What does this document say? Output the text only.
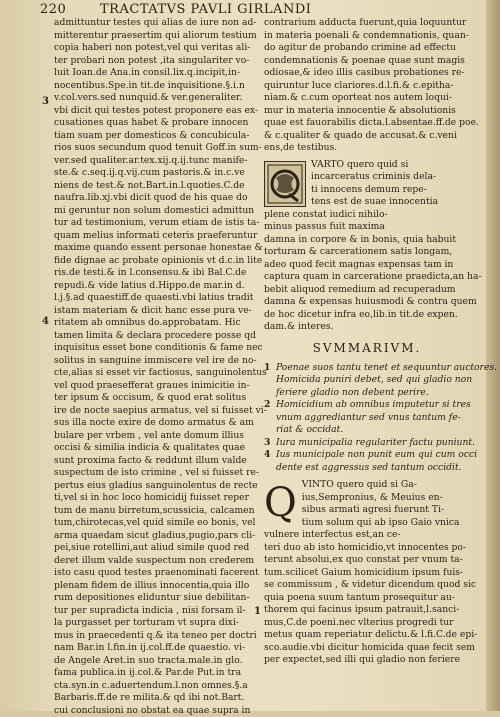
220	TRACTATVS PAVLI GIRLANDI
admittuntur testes qui alias de iure non ad-
mitterentur praesertim qui aliorum testium
copia haberi non potest,vel qui veritas ali-
ter probari non potest ,ita singulariter vo-
luit Ioan.de Ana.in consil.lix.q.incipit,in-
nocentibus.Spe.in tit.de inquisitione.§.i.n
v.col.vers.sed nunquid.& ver.generaliter.
vbi dicit qui testes potest proponere eas ex-
cusationes quas habet & probare innocen
tiam suam per domesticos & concubicula-
rios suos secundum quod tenuit Goff.in sum-
ver.sed qualiter.ar.tex.xij.q.ij.tunc manife-
ste.& c.seq.ij.q.vij.cum pastoris.& in.c.ve
niens de test.& not.Bart.in.l.quoties.C.de
naufra.lib.xj.vbi dicit quod de his quae do
mi geruntur non solum domestici admittun
tur ad testimonium, verum etiam de istis ta-
quam melius informati ceteris praeferuntur
maxime quando essent personae honestae &
fide dignae ac probate opinionis vt d.c.in lite
ris.de testi.& in l.consensu.& ibi Bal.C.de
repudi.& vide latius d.Hippo.de mar.in d.
l.j.§.ad quaestiff.de quaesti.vbi latius tradit
istam materiam & dicit hanc esse pura ve-
ritatem ab omnibus do.approbatam. Hic
tamen limita & declara procedere posse qd
inquisitus esset bone conditionis & fame nec
solitus in sanguine immiscere vel ire de no-
cte,alias si esset vir factiosus, sanguinolentus
vel quod praesefferat graues inimicitie in-
ter ipsum & occisum, & quod erat solitus
ire de nocte saepius armatus, vel si fuisset vi-
sus illa nocte exire de domo armatus & am
bulare per vrbem , vel ante domum illius
occisi & similia indicia & qualitates quae
sunt proxima facto & reddunt illum valde
suspectum de isto crimine , vel si fuisset re-
pertus eius gladius sanguinolentus de recte
ti,vel si in hoc loco homicidij fuisset reper
tum de manu birretum,scussicia, calcamen
tum,chirotecas,vel quid simile eo bonis, vel
arma quaedam sicut gladius,pugio,pars cli-
pei,siue rotellini,aut aliud simile quod red
deret illum valde suspectum non crederem
isto casu quod testes praenominati facerent
plenam fidem de illius innocentia,quia illo
rum depositiones eliduntur siue debilitan-
tur per supradicta indicia , nisi forsam il-
la purgasset per torturam vt supra dixi-
mus in praecedenti q.& ita teneo per doctri
nam Bar.in l.fin.in ij.col.ff.de quaestio. vi-
de Angele Aret.in suo tracta.male.in glo.
fama publica.in ij.col.& Par.de Put.in tra
cta.syn.in c.aduertendum.l.non omnes.§.a
Barbaris.ff.de re milita.& qd ibi not.Bart.
cui conclusioni no obstat ea quae supra in
3
4
1
contrarium adducta fuerunt,quia loquuntur
in materia poenali & condemnationis, quan-
do agitur de probando crimine ad effectu
condemnationis & poenae quae sunt magis
odiosae,& ideo illis casibus probationes re-
quiruntur luce clariores.d.l.fi.& c.epitha-
niam.& c.cum oporteat nos autem loqui-
mur in materia innocentie & absolutionis
quae est fauorabilis dicta.l.absentae.ff.de poe.
& c.qualiter & quado de accusat.& c.veni
ens,de testibus.
VARTO quero quid si
incarceratus criminis dela-
ti innocens demum repe-
tens est de suae innocentia
plene constat iudici nihilo-
minus passus fuit maxima
damna in corpore & in bonis, quia habuit
torturam & carcerationem satis longam,
adeo quod fecit magnas expensas tam in
captura quam in carceratione praedicta,an ha-
bebit aliquod remedium ad recuperadum
damna & expensas huiusmodi & contra quem
de hoc dicetur infra eo,lib.in tit.de expen.
dam.& interes.
SVMMARIVM.
1 Poenae suos tantu tenet et sequuntur auctores.
Homicida puniri debet, sed qui gladio non
feriere gladio non debent perire.
2 Homicidium ab omnibus imputetur si tres
vnum aggrediantur sed vnus tantum fe-
riat & occidat.
3 Iura municipalia regulariter factu puniunt.
4 Ius municipale non punit eum qui cum occi
dente est aggressus sed tantum occidit.
Q VINTO quero quid si Ga-
ius,Sempronius, & Meuius en-
sibus armati agresi fuerunt Ti-
tium solum qui ab ipso Gaio vnica
vulnere interfectus est,an ce-
teri duo ab isto homicidio,vt innocentes po-
terunt absolui,ex quo constat per vnum ta-
tum.scilicet Gaium homicidium ipsum fuis-
se commissum , & videtur dicendum quod sic
quia poena suum tantum prosequitur au-
thorem qui facinus ipsum patrauit,l.sanci-
mus,C.de poeni.nec vlterius progredi tur
metus quam reperiatur delictu.& l.fi.C.de epi-
sco.audie.vbi dicitur homicida quae fecit sem
per expectet,sed illi qui gladio non feriere
